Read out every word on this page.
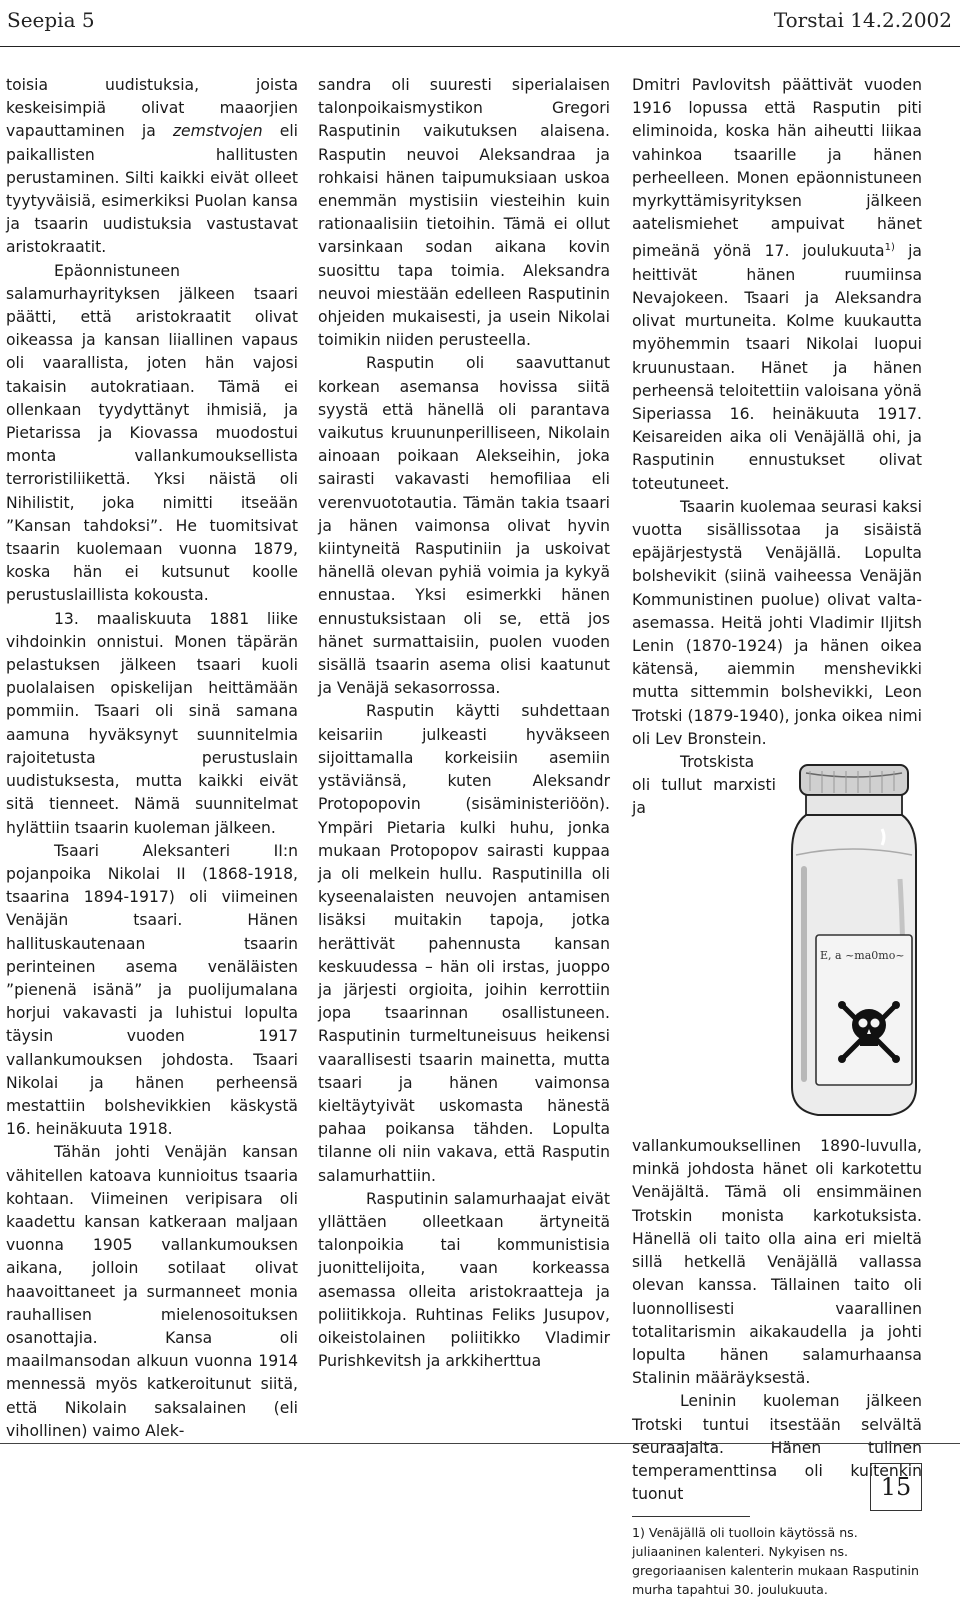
Seepia 5	Torstai 14.2.2002

toisia uudistuksia, joista keskeisimpiä olivat maaorjien vapauttaminen ja zemstvojen eli paikallisten hallitusten perustaminen. Silti kaikki eivät olleet tyytyväisiä, esimerkiksi Puolan kansa ja tsaarin uudistuksia vastustavat aristokraatit.

Epäonnistuneen salamurhayrityksen jälkeen tsaari päätti, että aristokraatit olivat oikeassa ja kansan liiallinen vapaus oli vaarallista, joten hän vajosi takaisin autokratiaan. Tämä ei ollenkaan tyydyttänyt ihmisiä, ja Pietarissa ja Kiovassa muodostui monta vallankumouksellista terroristiliikettä. Yksi näistä oli Nihilistit, joka nimitti itseään ”Kansan tahdoksi”. He tuomitsivat tsaarin kuolemaan vuonna 1879, koska hän ei kutsunut koolle perustuslaillista kokousta.

13. maaliskuuta 1881 liike vihdoinkin onnistui. Monen täpärän pelastuksen jälkeen tsaari kuoli puolalaisen opiskelijan heittämään pommiin. Tsaari oli sinä samana aamuna hyväksynyt suunnitelmia rajoitetusta perustuslain uudistuksesta, mutta kaikki eivät sitä tienneet. Nämä suunnitelmat hylättiin tsaarin kuoleman jälkeen.

Tsaari Aleksanteri II:n pojanpoika Nikolai II (1868-1918, tsaarina 1894-1917) oli viimeinen Venäjän tsaari. Hänen hallituskautenaan tsaarin perinteinen asema venäläisten ”pienenä isänä” ja puolijumalana horjui vakavasti ja luhistui lopulta täysin vuoden 1917 vallankumouksen johdosta. Tsaari Nikolai ja hänen perheensä mestattiin bolshevikkien käskystä 16. heinäkuuta 1918.

Tähän johti Venäjän kansan vähitellen katoava kunnioitus tsaaria kohtaan. Viimeinen veripisara oli kaadettu kansan katkeraan maljaan vuonna 1905 vallankumouksen aikana, jolloin sotilaat olivat haavoittaneet ja surmanneet monia rauhallisen mielenosoituksen osanottajia. Kansa oli maailmansodan alkuun vuonna 1914 mennessä myös katkeroitunut siitä, että Nikolain saksalainen (eli vihollinen) vaimo Alek-

sandra oli suuresti siperialaisen talonpoikaismystikon Gregori Rasputinin vaikutuksen alaisena. Rasputin neuvoi Aleksandraa ja rohkaisi hänen taipumuksiaan uskoa enemmän mystisiin viesteihin kuin rationaalisiin tietoihin. Tämä ei ollut varsinkaan sodan aikana kovin suosittu tapa toimia. Aleksandra neuvoi miestään edelleen Rasputinin ohjeiden mukaisesti, ja usein Nikolai toimikin niiden perusteella.

Rasputin oli saavuttanut korkean asemansa hovissa siitä syystä että hänellä oli parantava vaikutus kruununperilliseen, Nikolain ainoaan poikaan Alekseihin, joka sairasti vakavasti hemofiliaa eli verenvuototautia. Tämän takia tsaari ja hänen vaimonsa olivat hyvin kiintyneitä Rasputiniin ja uskoivat hänellä olevan pyhiä voimia ja kykyä ennustaa. Yksi esimerkki hänen ennustuksistaan oli se, että jos hänet surmattaisiin, puolen vuoden sisällä tsaarin asema olisi kaatunut ja Venäjä sekasorrossa.

Rasputin käytti suhdettaan keisariin julkeasti hyväkseen sijoittamalla korkeisiin asemiin ystäviänsä, kuten Aleksandr Protopopovin (sisäministeriöön). Ympäri Pietaria kulki huhu, jonka mukaan Protopopov sairasti kuppaa ja oli melkein hullu. Rasputinilla oli kyseenalaisten neuvojen antamisen lisäksi muitakin tapoja, jotka herättivät pahennusta kansan keskuudessa – hän oli irstas, juoppo ja järjesti orgioita, joihin kerrottiin jopa tsaarinnan osallistuneen. Rasputinin turmeltuneisuus heikensi vaarallisesti tsaarin mainetta, mutta tsaari ja hänen vaimonsa kieltäytyivät uskomasta hänestä pahaa poikansa tähden. Lopulta tilanne oli niin vakava, että Rasputin salamurhattiin.

Rasputinin salamurhaajat eivät yllättäen olleetkaan ärtyneitä talonpoikia tai kommunistisia juonittelijoita, vaan korkeassa asemassa olleita aristokraatteja ja poliitikkoja. Ruhtinas Feliks Jusupov, oikeistolainen poliitikko Vladimir Purishkevitsh ja arkkiherttua

Dmitri Pavlovitsh päättivät vuoden 1916 lopussa että Rasputin piti eliminoida, koska hän aiheutti liikaa vahinkoa tsaarille ja hänen perheelleen. Monen epäonnistuneen myrkyttämisyrityksen jälkeen aatelismiehet ampuivat hänet pimeänä yönä 17. joulukuuta$^{1)}$ ja heittivät hänen ruumiinsa Nevajokeen. Tsaari ja Aleksandra olivat murtuneita. Kolme kuukautta myöhemmin tsaari Nikolai luopui kruunustaan. Hänet ja hänen perheensä teloitettiin valoisana yönä Siperiassa 16. heinäkuuta 1917. Keisareiden aika oli Venäjällä ohi, ja Rasputinin ennustukset olivat toteutuneet.

Tsaarin kuolemaa seurasi kaksi vuotta sisällissotaa ja sisäistä epäjärjestystä Venäjällä. Lopulta bolshevikit (siinä vaiheessa Venäjän Kommunistinen puolue) olivat valta-asemassa. Heitä johti Vladimir Iljitsh Lenin (1870-1924) ja hänen oikea kätensä, aiemmin menshevikki mutta sittemmin bolshevikki, Leon Trotski (1879-1940), jonka oikea nimi oli Lev Bronstein.

E, a ~ma0mo~

Trotskista oli tullut marxisti ja vallankumouksellinen 1890-luvulla, minkä johdosta hänet oli karkotettu Venäjältä. Tämä oli ensimmäinen Trotskin monista karkotuksista. Hänellä oli taito olla aina eri mieltä sillä hetkellä Venäjällä vallassa olevan kanssa. Tällainen taito oli luonnollisesti vaarallinen totalitarismin aikakaudella ja johti lopulta hänen salamurhaansa Stalinin määräyksestä.

Leninin kuoleman jälkeen Trotski tuntui itsestään selvältä seuraajalta. Hänen tulinen temperamenttinsa oli kuitenkin tuonut

1) Venäjällä oli tuolloin käytössä ns. juliaaninen kalenteri. Nykyisen ns. gregoriaanisen kalenterin mukaan Rasputinin murha tapahtui 30. joulukuuta.

15
